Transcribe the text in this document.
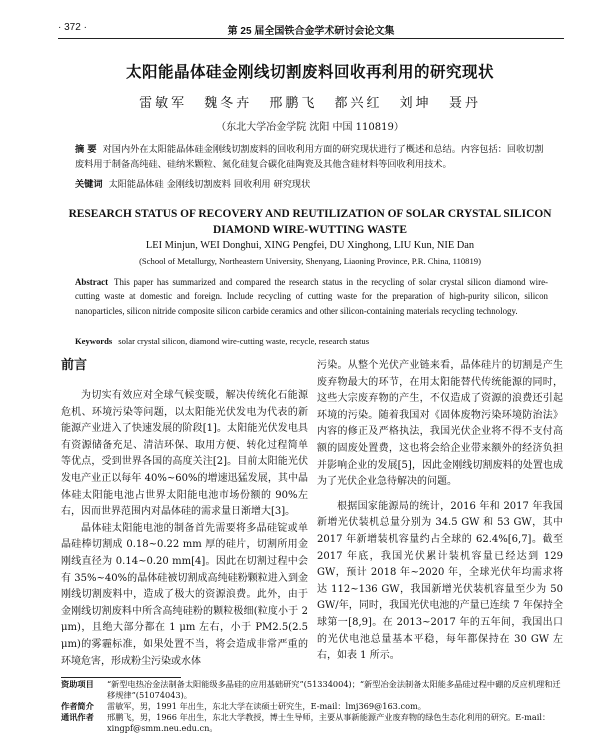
· 372 ·	第 25 届全国铁合金学术研讨会论文集
太阳能晶体硅金刚线切割废料回收再利用的研究现状
雷敏军 魏冬卉 邢鹏飞 都兴红 刘坤 聂丹
（东北大学冶金学院 沈阳 中国 110819）
摘 要 对国内外在太阳能晶体硅金刚线切割废料的回收利用方面的研究现状进行了概述和总结。内容包括：回收切割废料用于制备高纯硅、硅纳米颗粒、氮化硅复合碳化硅陶瓷及其他含硅材料等回收利用技术。
关键词 太阳能晶体硅 金刚线切割废料 回收利用 研究现状
RESEARCH STATUS OF RECOVERY AND REUTILIZATION OF SOLAR CRYSTAL SILICON DIAMOND WIRE-WUTTING WASTE
LEI Minjun, WEI Donghui, XING Pengfei, DU Xinghong, LIU Kun, NIE Dan
(School of Metallurgy, Northeastern University, Shenyang, Liaoning Province, P.R. China, 110819)
Abstract This paper has summarized and compared the research status in the recycling of solar crystal silicon diamond wire-cutting waste at domestic and foreign. Include recycling of cutting waste for the preparation of high-purity silicon, silicon nanoparticles, silicon nitride composite silicon carbide ceramics and other silicon-containing materials recycling technology.
Keywords solar crystal silicon, diamond wire-cutting waste, recycle, research status
前言

为切实有效应对全球气候变暖，解决传统化石能源危机、环境污染等问题，以太阳能光伏发电为代表的新能源产业进入了快速发展的阶段[1]。太阳能光伏发电具有资源储备充足、清洁环保、取用方便、转化过程简单等优点，受到世界各国的高度关注[2]。目前太阳能光伏发电产业正以每年 40%~60%的增速迅猛发展，其中晶体硅太阳能电池占世界太阳能电池市场份额的 90%左右，因而世界范围内对晶体硅的需求量日渐增大[3]。

晶体硅太阳能电池的制备首先需要将多晶硅锭或单晶硅棒切割成 0.18~0.22 mm 厚的硅片，切割所用金刚线直径为 0.14~0.20 mm[4]。因此在切割过程中会有 35%~40%的晶体硅被切割成高纯硅粉颗粒进入到金刚线切割废料中，造成了极大的资源浪费。此外，由于金刚线切割废料中所含高纯硅粉的颗粒极细(粒度小于 2 μm)，且绝大部分都在 1 μm 左右，小于 PM2.5(2.5 μm)的雾霾标准，如果处置不当，将会造成非常严重的环境危害，形成粉尘污染或水体

污染。从整个光伏产业链来看，晶体硅片的切割是产生废弃物最大的环节，在用太阳能替代传统能源的同时，这些大宗废弃物的产生，不仅造成了资源的浪费还引起环境的污染。随着我国对《固体废物污染环境防治法》内容的修正及严格执法，我国光伏企业将不得不支付高额的固废处置费，这也将会给企业带来额外的经济负担并影响企业的发展[5]，因此金刚线切割废料的处置也成为了光伏企业急待解决的问题。

根据国家能源局的统计，2016 年和 2017 年我国新增光伏装机总量分别为 34.5 GW 和 53 GW，其中 2017 年新增装机容量约占全球的 62.4%[6,7]。截至 2017 年底，我国光伏累计装机容量已经达到 129 GW，预计 2018 年~2020 年，全球光伏年均需求将达 112~136 GW，我国新增光伏装机容量至少为 50 GW/年，同时，我国光伏电池的产量已连续 7 年保持全球第一[8,9]。在 2013~2017 年的五年间，我国出口的光伏电池总量基本平稳，每年都保持在 30 GW 左右，如表 1 所示。

资助项目	“新型电热冶金法制备太阳能级多晶硅的应用基础研究”(51334004)；“新型冶金法制备太阳能多晶硅过程中硼的反应机理和迁移规律”(51074043)。
作者简介	雷敏军，男，1991 年出生，东北大学在读硕士研究生，E-mail：lmj369@163.com。
通讯作者	邢鹏飞，男，1966 年出生，东北大学教授，博士生导师，主要从事新能源产业废弃物的绿色生态化利用的研究。E-mail：xingpf@smm.neu.edu.cn。
